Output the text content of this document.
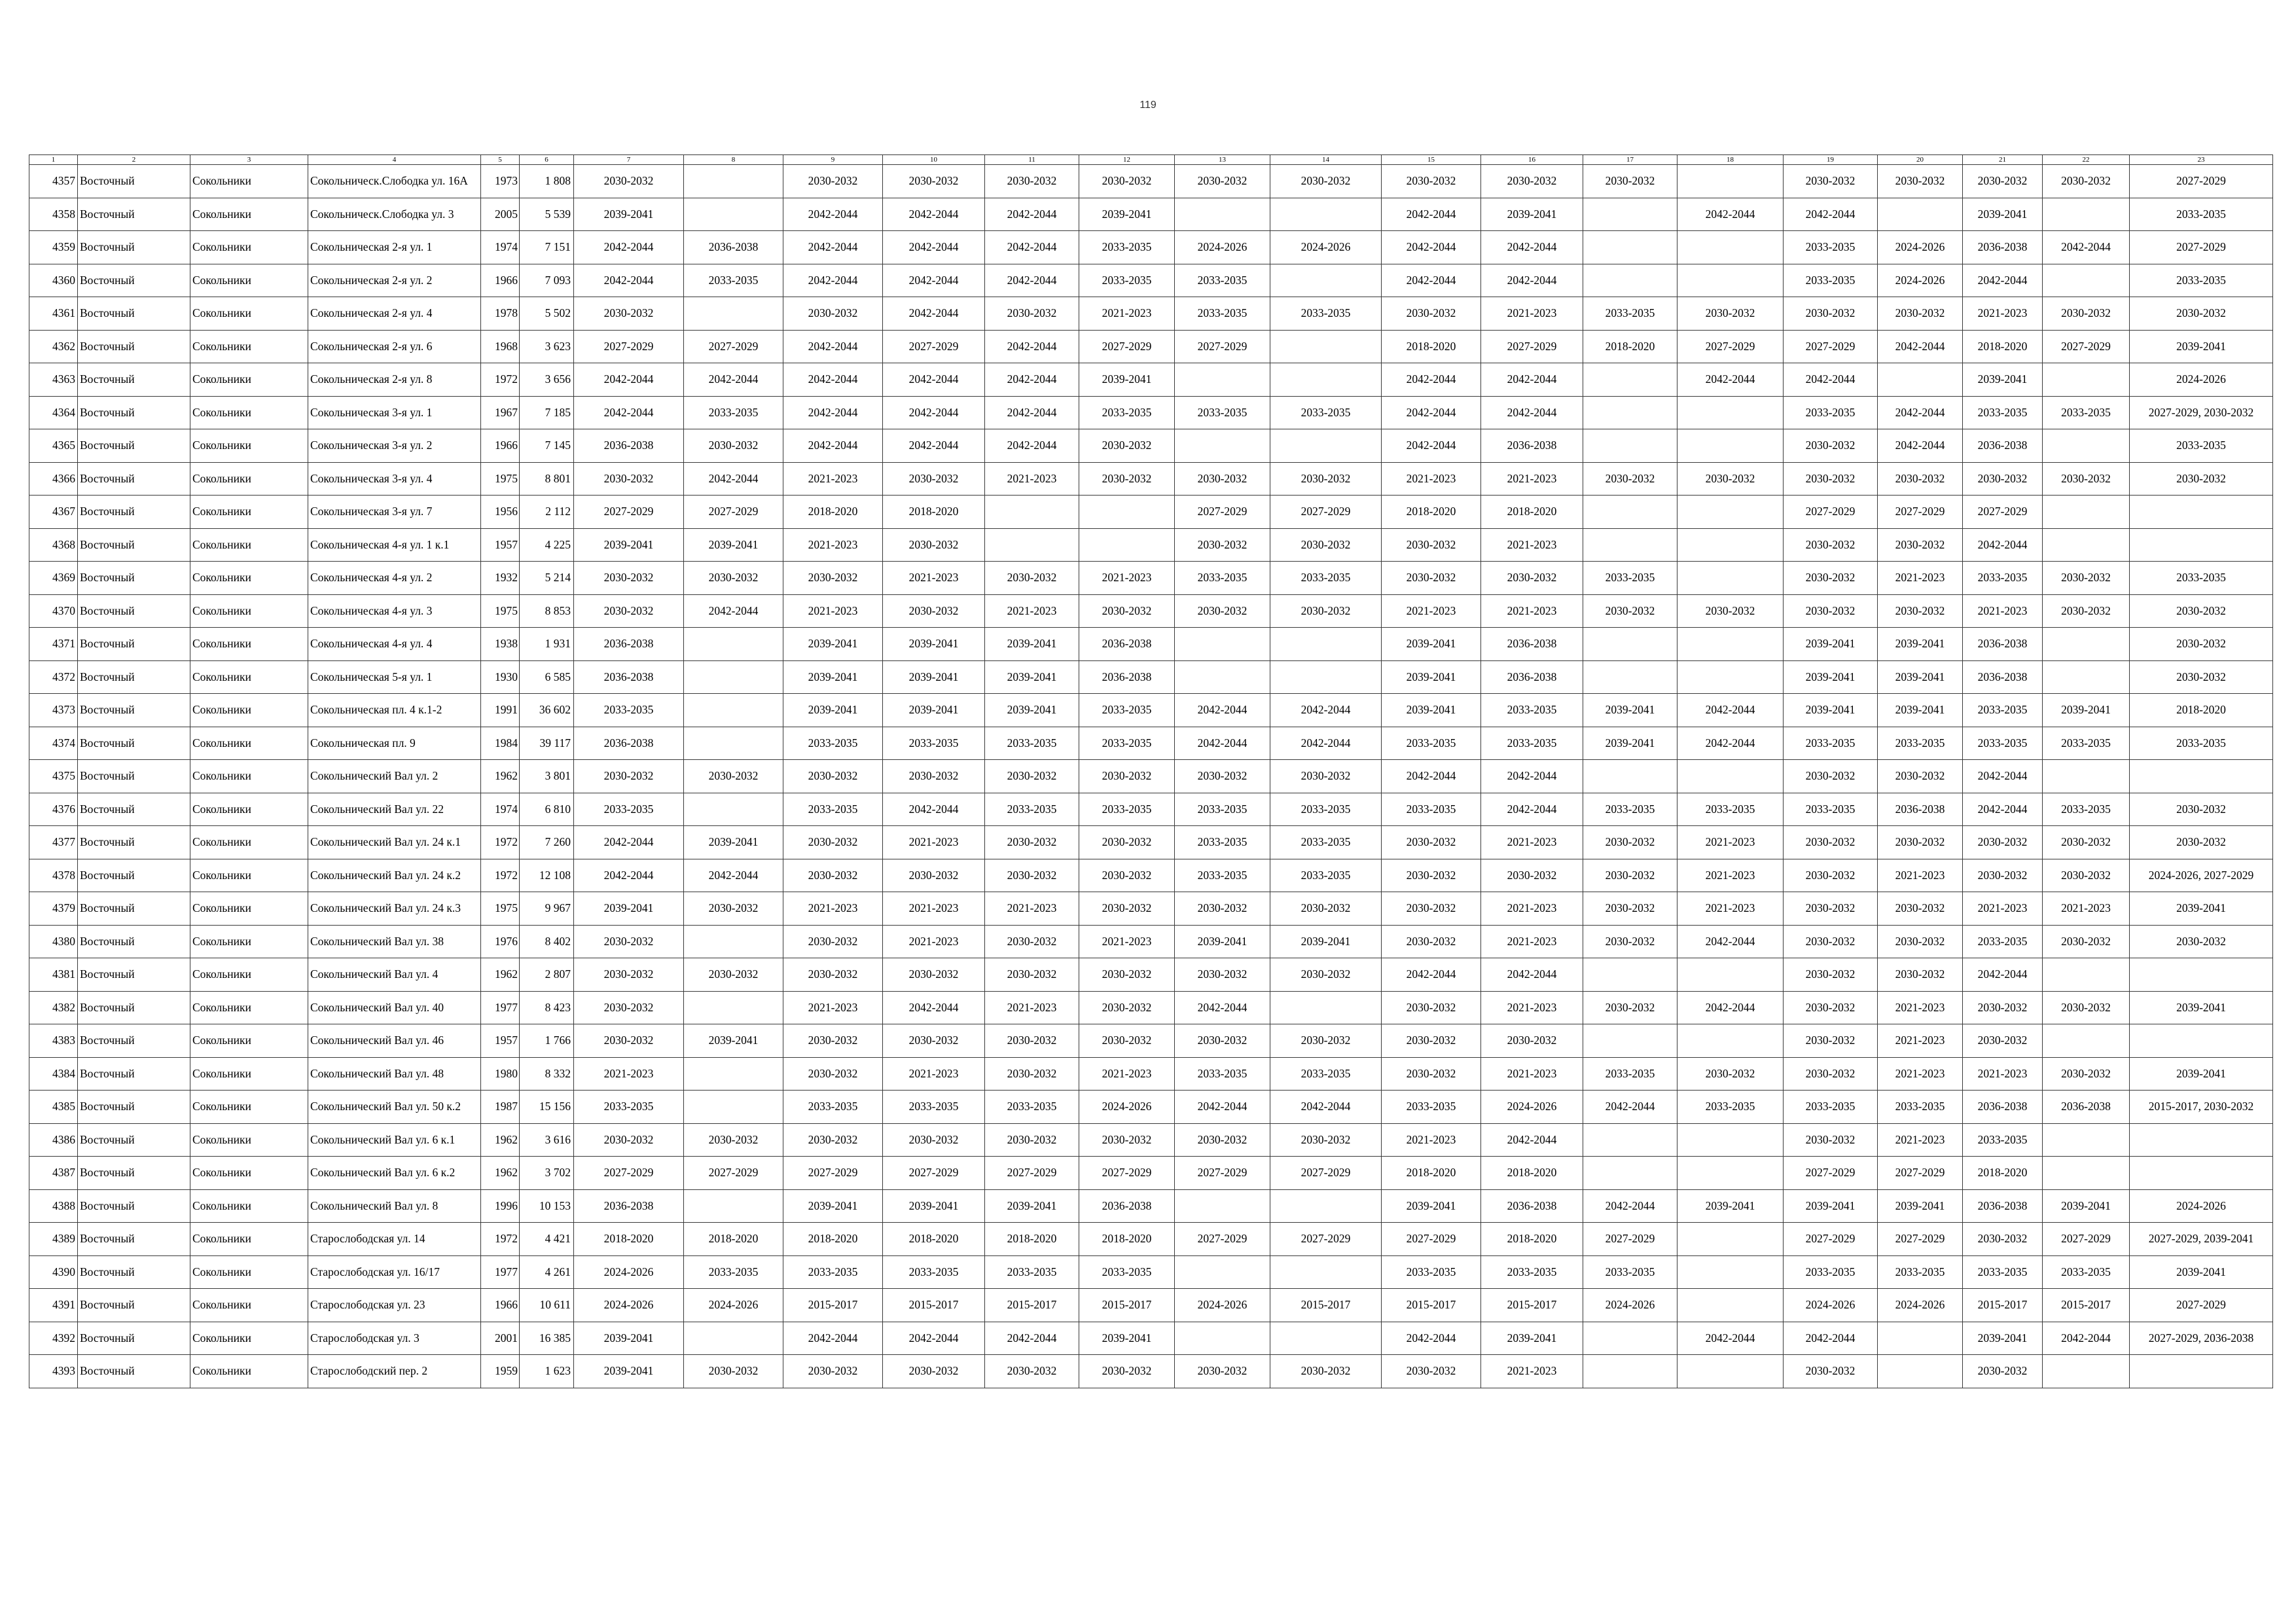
119
1	2	3	4	5	6	7	8	9	10	11	12	13	14	15	16	17	18	19	20	21	22	23
4357	Восточный	Сокольники	Сокольническ.Слободка ул. 16А	1973	1 808	2030-2032		2030-2032	2030-2032	2030-2032	2030-2032	2030-2032	2030-2032	2030-2032	2030-2032	2030-2032		2030-2032	2030-2032	2030-2032	2030-2032	2027-2029
4358	Восточный	Сокольники	Сокольническ.Слободка ул. 3	2005	5 539	2039-2041		2042-2044	2042-2044	2042-2044	2039-2041			2042-2044	2039-2041		2042-2044	2042-2044		2039-2041		2033-2035
4359	Восточный	Сокольники	Сокольническая 2-я ул. 1	1974	7 151	2042-2044	2036-2038	2042-2044	2042-2044	2042-2044	2033-2035	2024-2026	2024-2026	2042-2044	2042-2044			2033-2035	2024-2026	2036-2038	2042-2044	2027-2029
4360	Восточный	Сокольники	Сокольническая 2-я ул. 2	1966	7 093	2042-2044	2033-2035	2042-2044	2042-2044	2042-2044	2033-2035	2033-2035		2042-2044	2042-2044			2033-2035	2024-2026	2042-2044		2033-2035
4361	Восточный	Сокольники	Сокольническая 2-я ул. 4	1978	5 502	2030-2032		2030-2032	2042-2044	2030-2032	2021-2023	2033-2035	2033-2035	2030-2032	2021-2023	2033-2035	2030-2032	2030-2032	2030-2032	2021-2023	2030-2032	2030-2032
4362	Восточный	Сокольники	Сокольническая 2-я ул. 6	1968	3 623	2027-2029	2027-2029	2042-2044	2027-2029	2042-2044	2027-2029	2027-2029		2018-2020	2027-2029	2018-2020	2027-2029	2027-2029	2042-2044	2018-2020	2027-2029	2039-2041
4363	Восточный	Сокольники	Сокольническая 2-я ул. 8	1972	3 656	2042-2044	2042-2044	2042-2044	2042-2044	2042-2044	2039-2041			2042-2044	2042-2044		2042-2044	2042-2044		2039-2041		2024-2026
4364	Восточный	Сокольники	Сокольническая 3-я ул. 1	1967	7 185	2042-2044	2033-2035	2042-2044	2042-2044	2042-2044	2033-2035	2033-2035	2033-2035	2042-2044	2042-2044			2033-2035	2042-2044	2033-2035	2033-2035	2027-2029, 2030-2032
4365	Восточный	Сокольники	Сокольническая 3-я ул. 2	1966	7 145	2036-2038	2030-2032	2042-2044	2042-2044	2042-2044	2030-2032			2042-2044	2036-2038			2030-2032	2042-2044	2036-2038		2033-2035
4366	Восточный	Сокольники	Сокольническая 3-я ул. 4	1975	8 801	2030-2032	2042-2044	2021-2023	2030-2032	2021-2023	2030-2032	2030-2032	2030-2032	2021-2023	2021-2023	2030-2032	2030-2032	2030-2032	2030-2032	2030-2032	2030-2032	2030-2032
4367	Восточный	Сокольники	Сокольническая 3-я ул. 7	1956	2 112	2027-2029	2027-2029	2018-2020	2018-2020			2027-2029	2027-2029	2018-2020	2018-2020			2027-2029	2027-2029	2027-2029		
4368	Восточный	Сокольники	Сокольническая 4-я ул. 1 к.1	1957	4 225	2039-2041	2039-2041	2021-2023	2030-2032			2030-2032	2030-2032	2030-2032	2021-2023			2030-2032	2030-2032	2042-2044		
4369	Восточный	Сокольники	Сокольническая 4-я ул. 2	1932	5 214	2030-2032	2030-2032	2030-2032	2021-2023	2030-2032	2021-2023	2033-2035	2033-2035	2030-2032	2030-2032	2033-2035		2030-2032	2021-2023	2033-2035	2030-2032	2033-2035
4370	Восточный	Сокольники	Сокольническая 4-я ул. 3	1975	8 853	2030-2032	2042-2044	2021-2023	2030-2032	2021-2023	2030-2032	2030-2032	2030-2032	2021-2023	2021-2023	2030-2032	2030-2032	2030-2032	2030-2032	2021-2023	2030-2032	2030-2032
4371	Восточный	Сокольники	Сокольническая 4-я ул. 4	1938	1 931	2036-2038		2039-2041	2039-2041	2039-2041	2036-2038			2039-2041	2036-2038			2039-2041	2039-2041	2036-2038		2030-2032
4372	Восточный	Сокольники	Сокольническая 5-я ул. 1	1930	6 585	2036-2038		2039-2041	2039-2041	2039-2041	2036-2038			2039-2041	2036-2038			2039-2041	2039-2041	2036-2038		2030-2032
4373	Восточный	Сокольники	Сокольническая пл. 4 к.1-2	1991	36 602	2033-2035		2039-2041	2039-2041	2039-2041	2033-2035	2042-2044	2042-2044	2039-2041	2033-2035	2039-2041	2042-2044	2039-2041	2039-2041	2033-2035	2039-2041	2018-2020
4374	Восточный	Сокольники	Сокольническая пл. 9	1984	39 117	2036-2038		2033-2035	2033-2035	2033-2035	2033-2035	2042-2044	2042-2044	2033-2035	2033-2035	2039-2041	2042-2044	2033-2035	2033-2035	2033-2035	2033-2035	2033-2035
4375	Восточный	Сокольники	Сокольнический Вал ул. 2	1962	3 801	2030-2032	2030-2032	2030-2032	2030-2032	2030-2032	2030-2032	2030-2032	2030-2032	2042-2044	2042-2044			2030-2032	2030-2032	2042-2044		
4376	Восточный	Сокольники	Сокольнический Вал ул. 22	1974	6 810	2033-2035		2033-2035	2042-2044	2033-2035	2033-2035	2033-2035	2033-2035	2033-2035	2042-2044	2033-2035	2033-2035	2033-2035	2036-2038	2042-2044	2033-2035	2030-2032
4377	Восточный	Сокольники	Сокольнический Вал ул. 24 к.1	1972	7 260	2042-2044	2039-2041	2030-2032	2021-2023	2030-2032	2030-2032	2033-2035	2033-2035	2030-2032	2021-2023	2030-2032	2021-2023	2030-2032	2030-2032	2030-2032	2030-2032	2030-2032
4378	Восточный	Сокольники	Сокольнический Вал ул. 24 к.2	1972	12 108	2042-2044	2042-2044	2030-2032	2030-2032	2030-2032	2030-2032	2033-2035	2033-2035	2030-2032	2030-2032	2030-2032	2021-2023	2030-2032	2021-2023	2030-2032	2030-2032	2024-2026, 2027-2029
4379	Восточный	Сокольники	Сокольнический Вал ул. 24 к.3	1975	9 967	2039-2041	2030-2032	2021-2023	2021-2023	2021-2023	2030-2032	2030-2032	2030-2032	2030-2032	2021-2023	2030-2032	2021-2023	2030-2032	2030-2032	2021-2023	2021-2023	2039-2041
4380	Восточный	Сокольники	Сокольнический Вал ул. 38	1976	8 402	2030-2032		2030-2032	2021-2023	2030-2032	2021-2023	2039-2041	2039-2041	2030-2032	2021-2023	2030-2032	2042-2044	2030-2032	2030-2032	2033-2035	2030-2032	2030-2032
4381	Восточный	Сокольники	Сокольнический Вал ул. 4	1962	2 807	2030-2032	2030-2032	2030-2032	2030-2032	2030-2032	2030-2032	2030-2032	2030-2032	2042-2044	2042-2044			2030-2032	2030-2032	2042-2044		
4382	Восточный	Сокольники	Сокольнический Вал ул. 40	1977	8 423	2030-2032		2021-2023	2042-2044	2021-2023	2030-2032	2042-2044		2030-2032	2021-2023	2030-2032	2042-2044	2030-2032	2021-2023	2030-2032	2030-2032	2039-2041
4383	Восточный	Сокольники	Сокольнический Вал ул. 46	1957	1 766	2030-2032	2039-2041	2030-2032	2030-2032	2030-2032	2030-2032	2030-2032	2030-2032	2030-2032	2030-2032			2030-2032	2021-2023	2030-2032		
4384	Восточный	Сокольники	Сокольнический Вал ул. 48	1980	8 332	2021-2023		2030-2032	2021-2023	2030-2032	2021-2023	2033-2035	2033-2035	2030-2032	2021-2023	2033-2035	2030-2032	2030-2032	2021-2023	2021-2023	2030-2032	2039-2041
4385	Восточный	Сокольники	Сокольнический Вал ул. 50 к.2	1987	15 156	2033-2035		2033-2035	2033-2035	2033-2035	2024-2026	2042-2044	2042-2044	2033-2035	2024-2026	2042-2044	2033-2035	2033-2035	2033-2035	2036-2038	2036-2038	2015-2017, 2030-2032
4386	Восточный	Сокольники	Сокольнический Вал ул. 6 к.1	1962	3 616	2030-2032	2030-2032	2030-2032	2030-2032	2030-2032	2030-2032	2030-2032	2030-2032	2021-2023	2042-2044			2030-2032	2021-2023	2033-2035		
4387	Восточный	Сокольники	Сокольнический Вал ул. 6 к.2	1962	3 702	2027-2029	2027-2029	2027-2029	2027-2029	2027-2029	2027-2029	2027-2029	2027-2029	2018-2020	2018-2020			2027-2029	2027-2029	2018-2020		
4388	Восточный	Сокольники	Сокольнический Вал ул. 8	1996	10 153	2036-2038		2039-2041	2039-2041	2039-2041	2036-2038			2039-2041	2036-2038	2042-2044	2039-2041	2039-2041	2039-2041	2036-2038	2039-2041	2024-2026
4389	Восточный	Сокольники	Старослободская ул. 14	1972	4 421	2018-2020	2018-2020	2018-2020	2018-2020	2018-2020	2018-2020	2027-2029	2027-2029	2027-2029	2018-2020	2027-2029		2027-2029	2027-2029	2030-2032	2027-2029	2027-2029, 2039-2041
4390	Восточный	Сокольники	Старослободская ул. 16/17	1977	4 261	2024-2026	2033-2035	2033-2035	2033-2035	2033-2035	2033-2035			2033-2035	2033-2035	2033-2035		2033-2035	2033-2035	2033-2035	2033-2035	2039-2041
4391	Восточный	Сокольники	Старослободская ул. 23	1966	10 611	2024-2026	2024-2026	2015-2017	2015-2017	2015-2017	2015-2017	2024-2026	2015-2017	2015-2017	2015-2017	2024-2026		2024-2026	2024-2026	2015-2017	2015-2017	2027-2029
4392	Восточный	Сокольники	Старослободская ул. 3	2001	16 385	2039-2041		2042-2044	2042-2044	2042-2044	2039-2041			2042-2044	2039-2041		2042-2044	2042-2044		2039-2041	2042-2044	2027-2029, 2036-2038
4393	Восточный	Сокольники	Старослободский пер. 2	1959	1 623	2039-2041	2030-2032	2030-2032	2030-2032	2030-2032	2030-2032	2030-2032	2030-2032	2030-2032	2021-2023			2030-2032		2030-2032		
